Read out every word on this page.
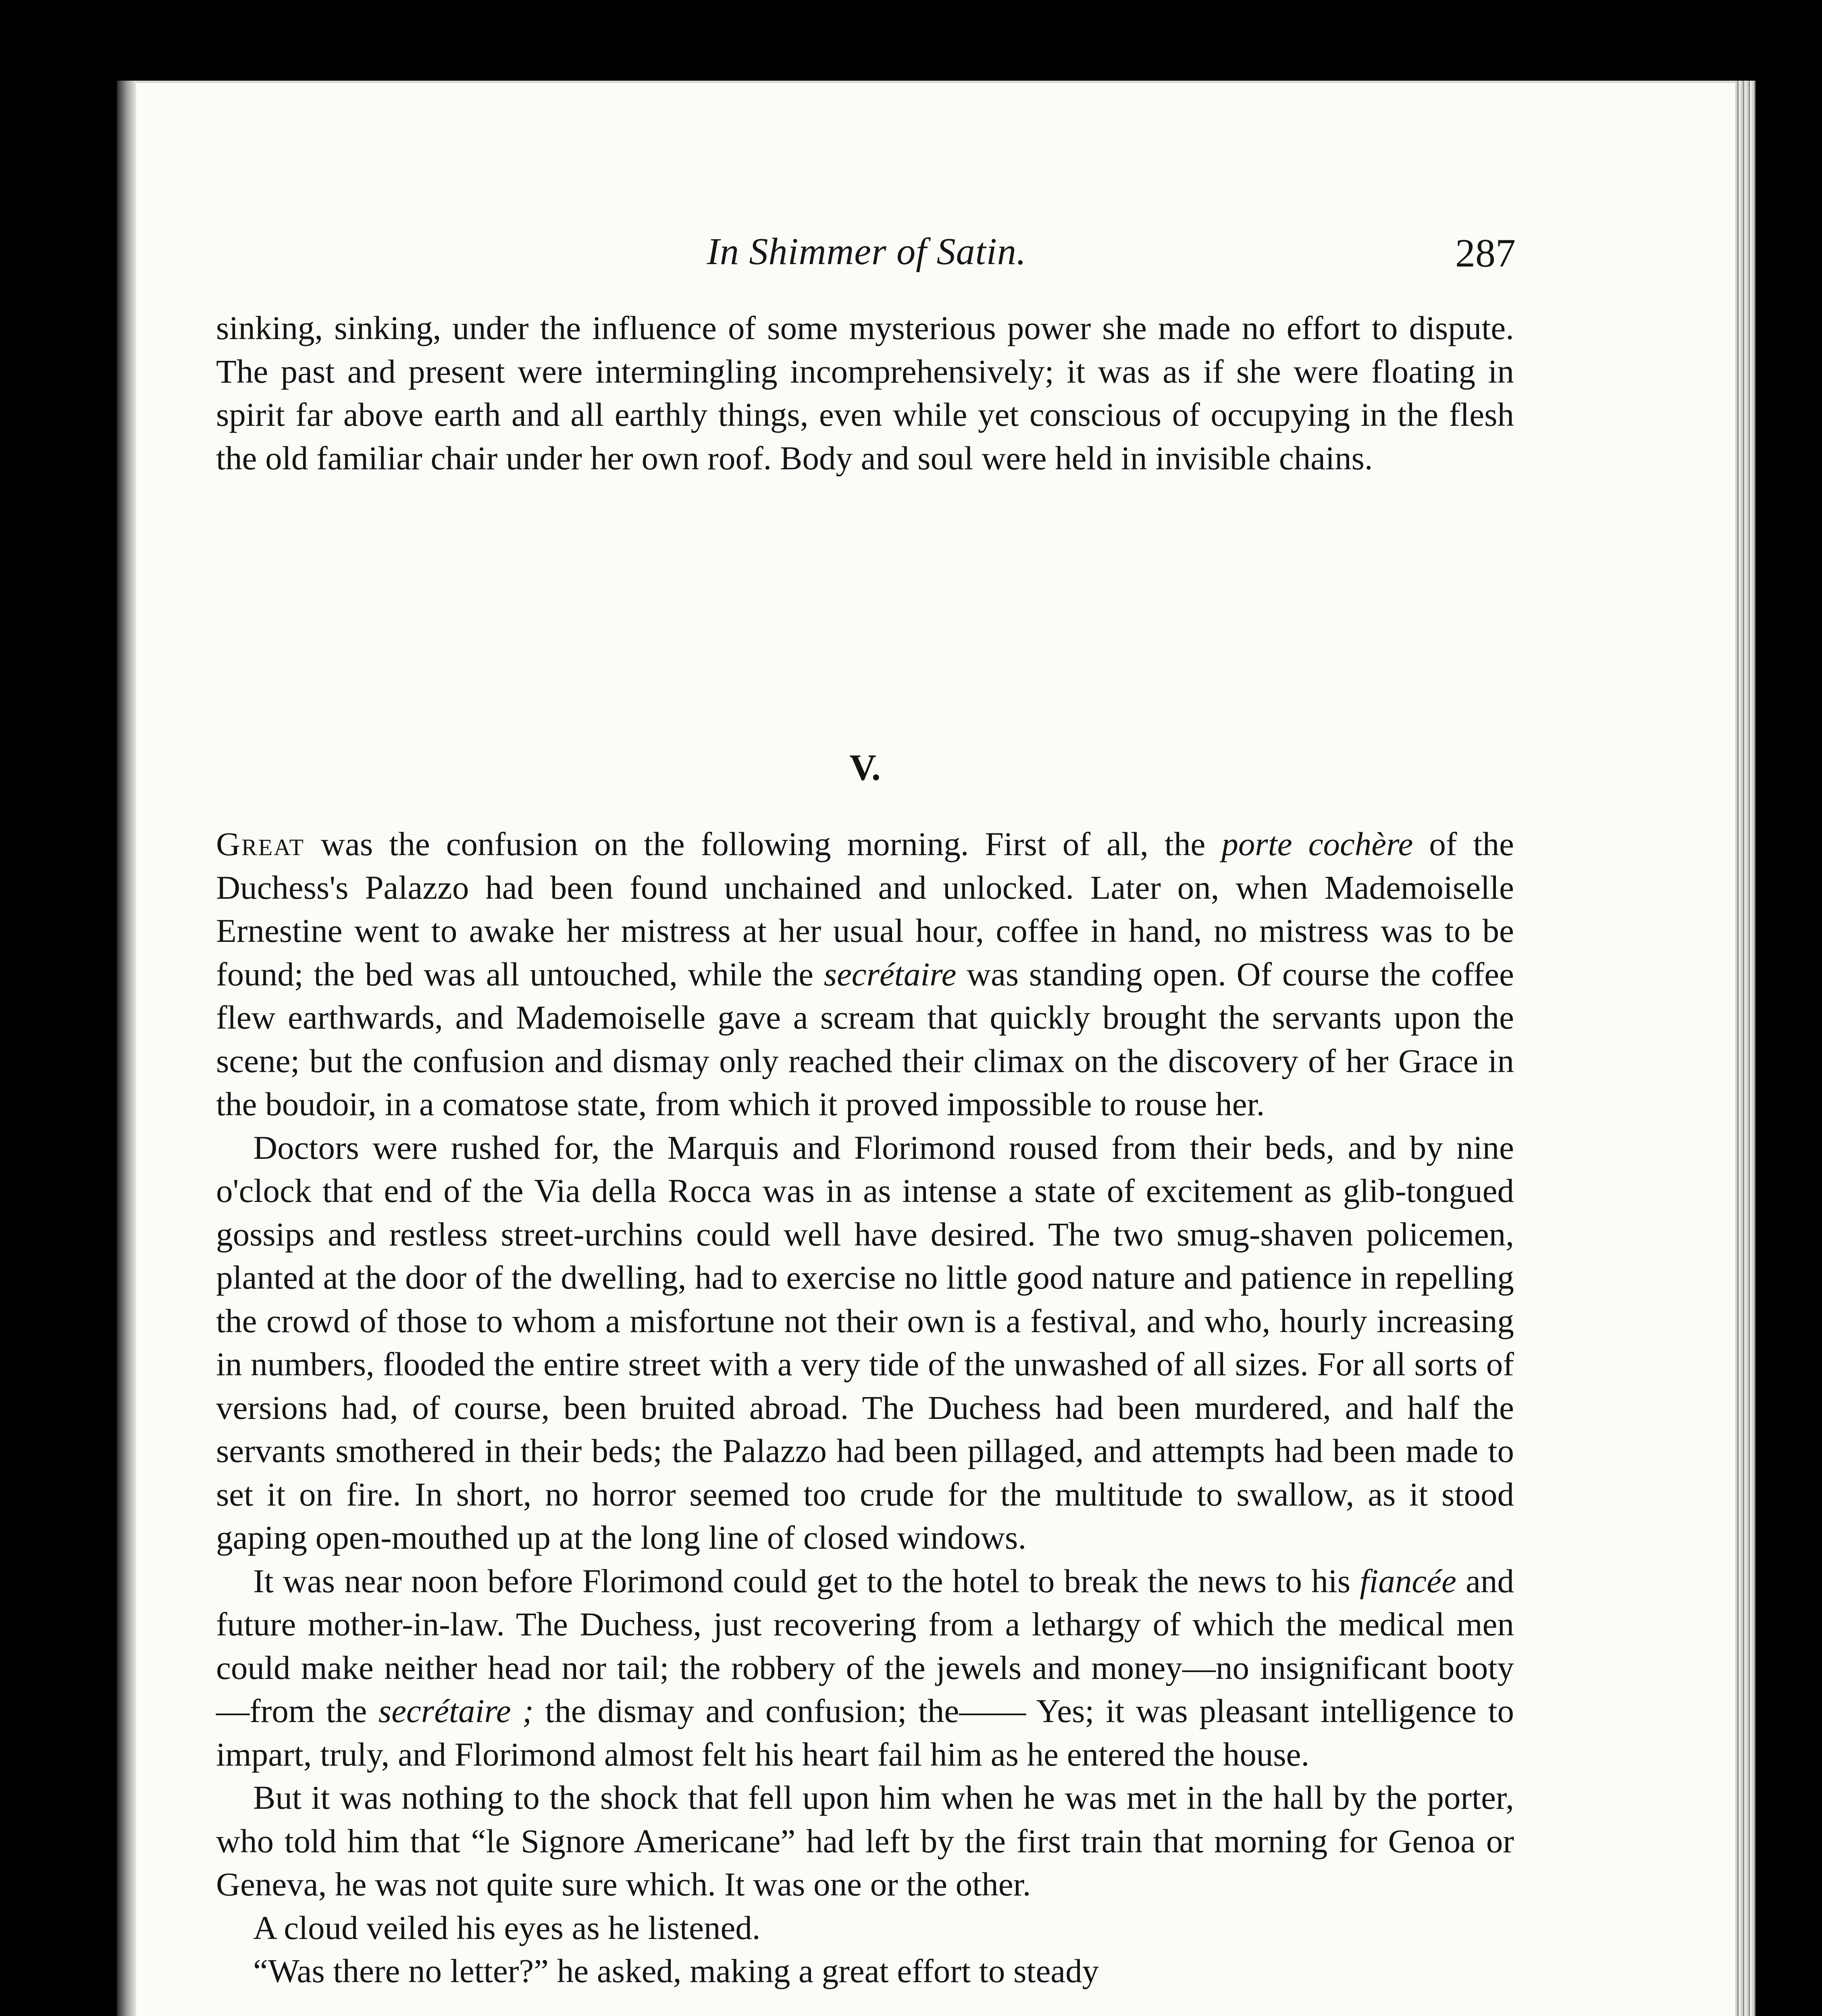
In Shimmer of Satin.	287

sinking, sinking, under the influence of some mysterious power she made no effort to dispute. The past and present were intermingling incomprehensively; it was as if she were floating in spirit far above earth and all earthly things, even while yet conscious of occupying in the flesh the old familiar chair under her own roof. Body and soul were held in invisible chains.

V.

Great was the confusion on the following morning. First of all, the porte cochère of the Duchess's Palazzo had been found unchained and unlocked. Later on, when Mademoiselle Ernestine went to awake her mistress at her usual hour, coffee in hand, no mistress was to be found; the bed was all untouched, while the secrétaire was standing open. Of course the coffee flew earthwards, and Mademoiselle gave a scream that quickly brought the servants upon the scene; but the confusion and dismay only reached their climax on the discovery of her Grace in the boudoir, in a comatose state, from which it proved impossible to rouse her.

Doctors were rushed for, the Marquis and Florimond roused from their beds, and by nine o'clock that end of the Via della Rocca was in as intense a state of excitement as glib-tongued gossips and restless street-urchins could well have desired. The two smug-shaven policemen, planted at the door of the dwelling, had to exercise no little good nature and patience in repelling the crowd of those to whom a misfortune not their own is a festival, and who, hourly increasing in numbers, flooded the entire street with a very tide of the unwashed of all sizes. For all sorts of versions had, of course, been bruited abroad. The Duchess had been murdered, and half the servants smothered in their beds; the Palazzo had been pillaged, and attempts had been made to set it on fire. In short, no horror seemed too crude for the multitude to swallow, as it stood gaping open-mouthed up at the long line of closed windows.

It was near noon before Florimond could get to the hotel to break the news to his fiancée and future mother-in-law. The Duchess, just recovering from a lethargy of which the medical men could make neither head nor tail; the robbery of the jewels and money—no insignificant booty—from the secrétaire ; the dismay and confusion; the—— Yes; it was pleasant intelligence to impart, truly, and Florimond almost felt his heart fail him as he entered the house.

But it was nothing to the shock that fell upon him when he was met in the hall by the porter, who told him that “le Signore Americane” had left by the first train that morning for Genoa or Geneva, he was not quite sure which. It was one or the other.

A cloud veiled his eyes as he listened.

“Was there no letter?” he asked, making a great effort to steady
